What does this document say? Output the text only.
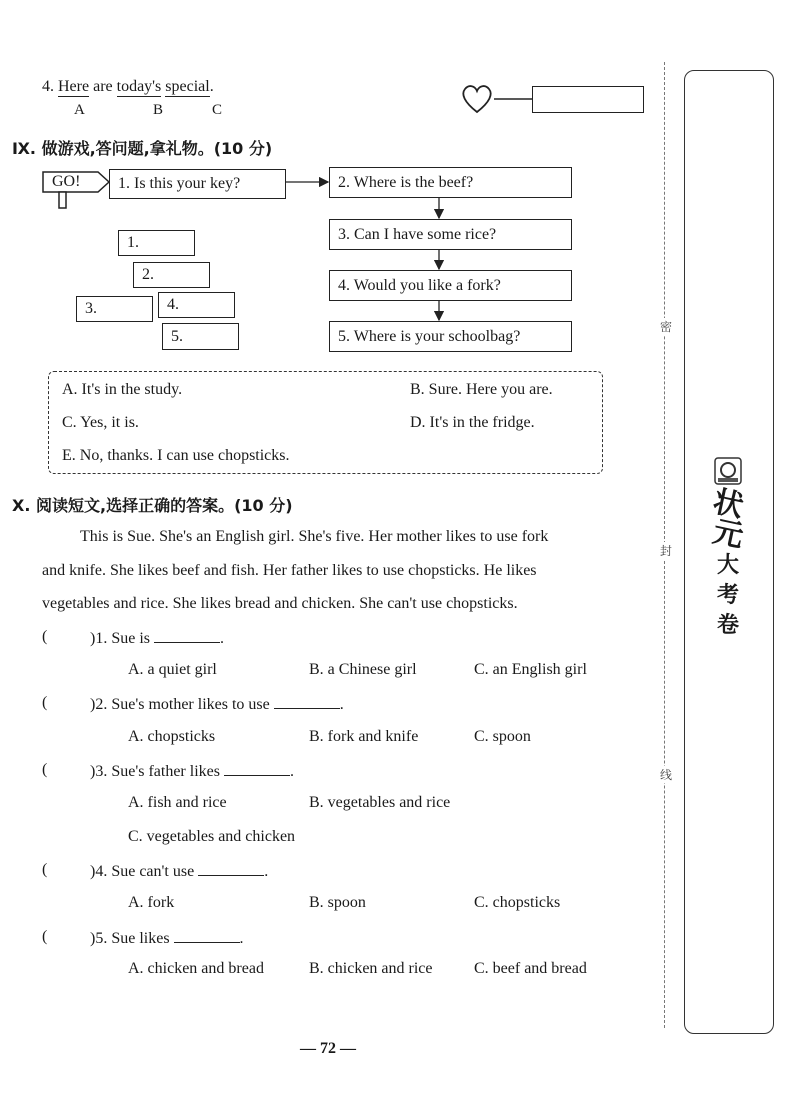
4. Here are today's special.
A	B	C
Ⅸ. 做游戏,答问题,拿礼物。(10 分)
GO! 1. Is this your key?	2. Where is the beef?
3. Can I have some rice?
4. Would you like a fork?
5. Where is your schoolbag?
1.
2.
3.	4.
5.
A. It's in the study.	B. Sure. Here you are.
C. Yes, it is.	D. It's in the fridge.
E. No, thanks. I can use chopsticks.
Ⅹ. 阅读短文,选择正确的答案。(10 分)
This is Sue. She's an English girl. She's five. Her mother likes to use fork
and knife. She likes beef and fish. Her father likes to use chopsticks. He likes
vegetables and rice. She likes bread and chicken. She can't use chopsticks.
(	)1. Sue is	.
A. a quiet girl	B. a Chinese girl	C. an English girl
(	)2. Sue's mother likes to use	.
A. chopsticks	B. fork and knife	C. spoon
(	)3. Sue's father likes	.
A. fish and rice	B. vegetables and rice
C. vegetables and chicken
(	)4. Sue can't use	.
A. fork	B. spoon	C. chopsticks
(	)5. Sue likes	.
A. chicken and bread	B. chicken and rice	C. beef and bread
— 72 —
密
封
线
状
元
大
考
卷
